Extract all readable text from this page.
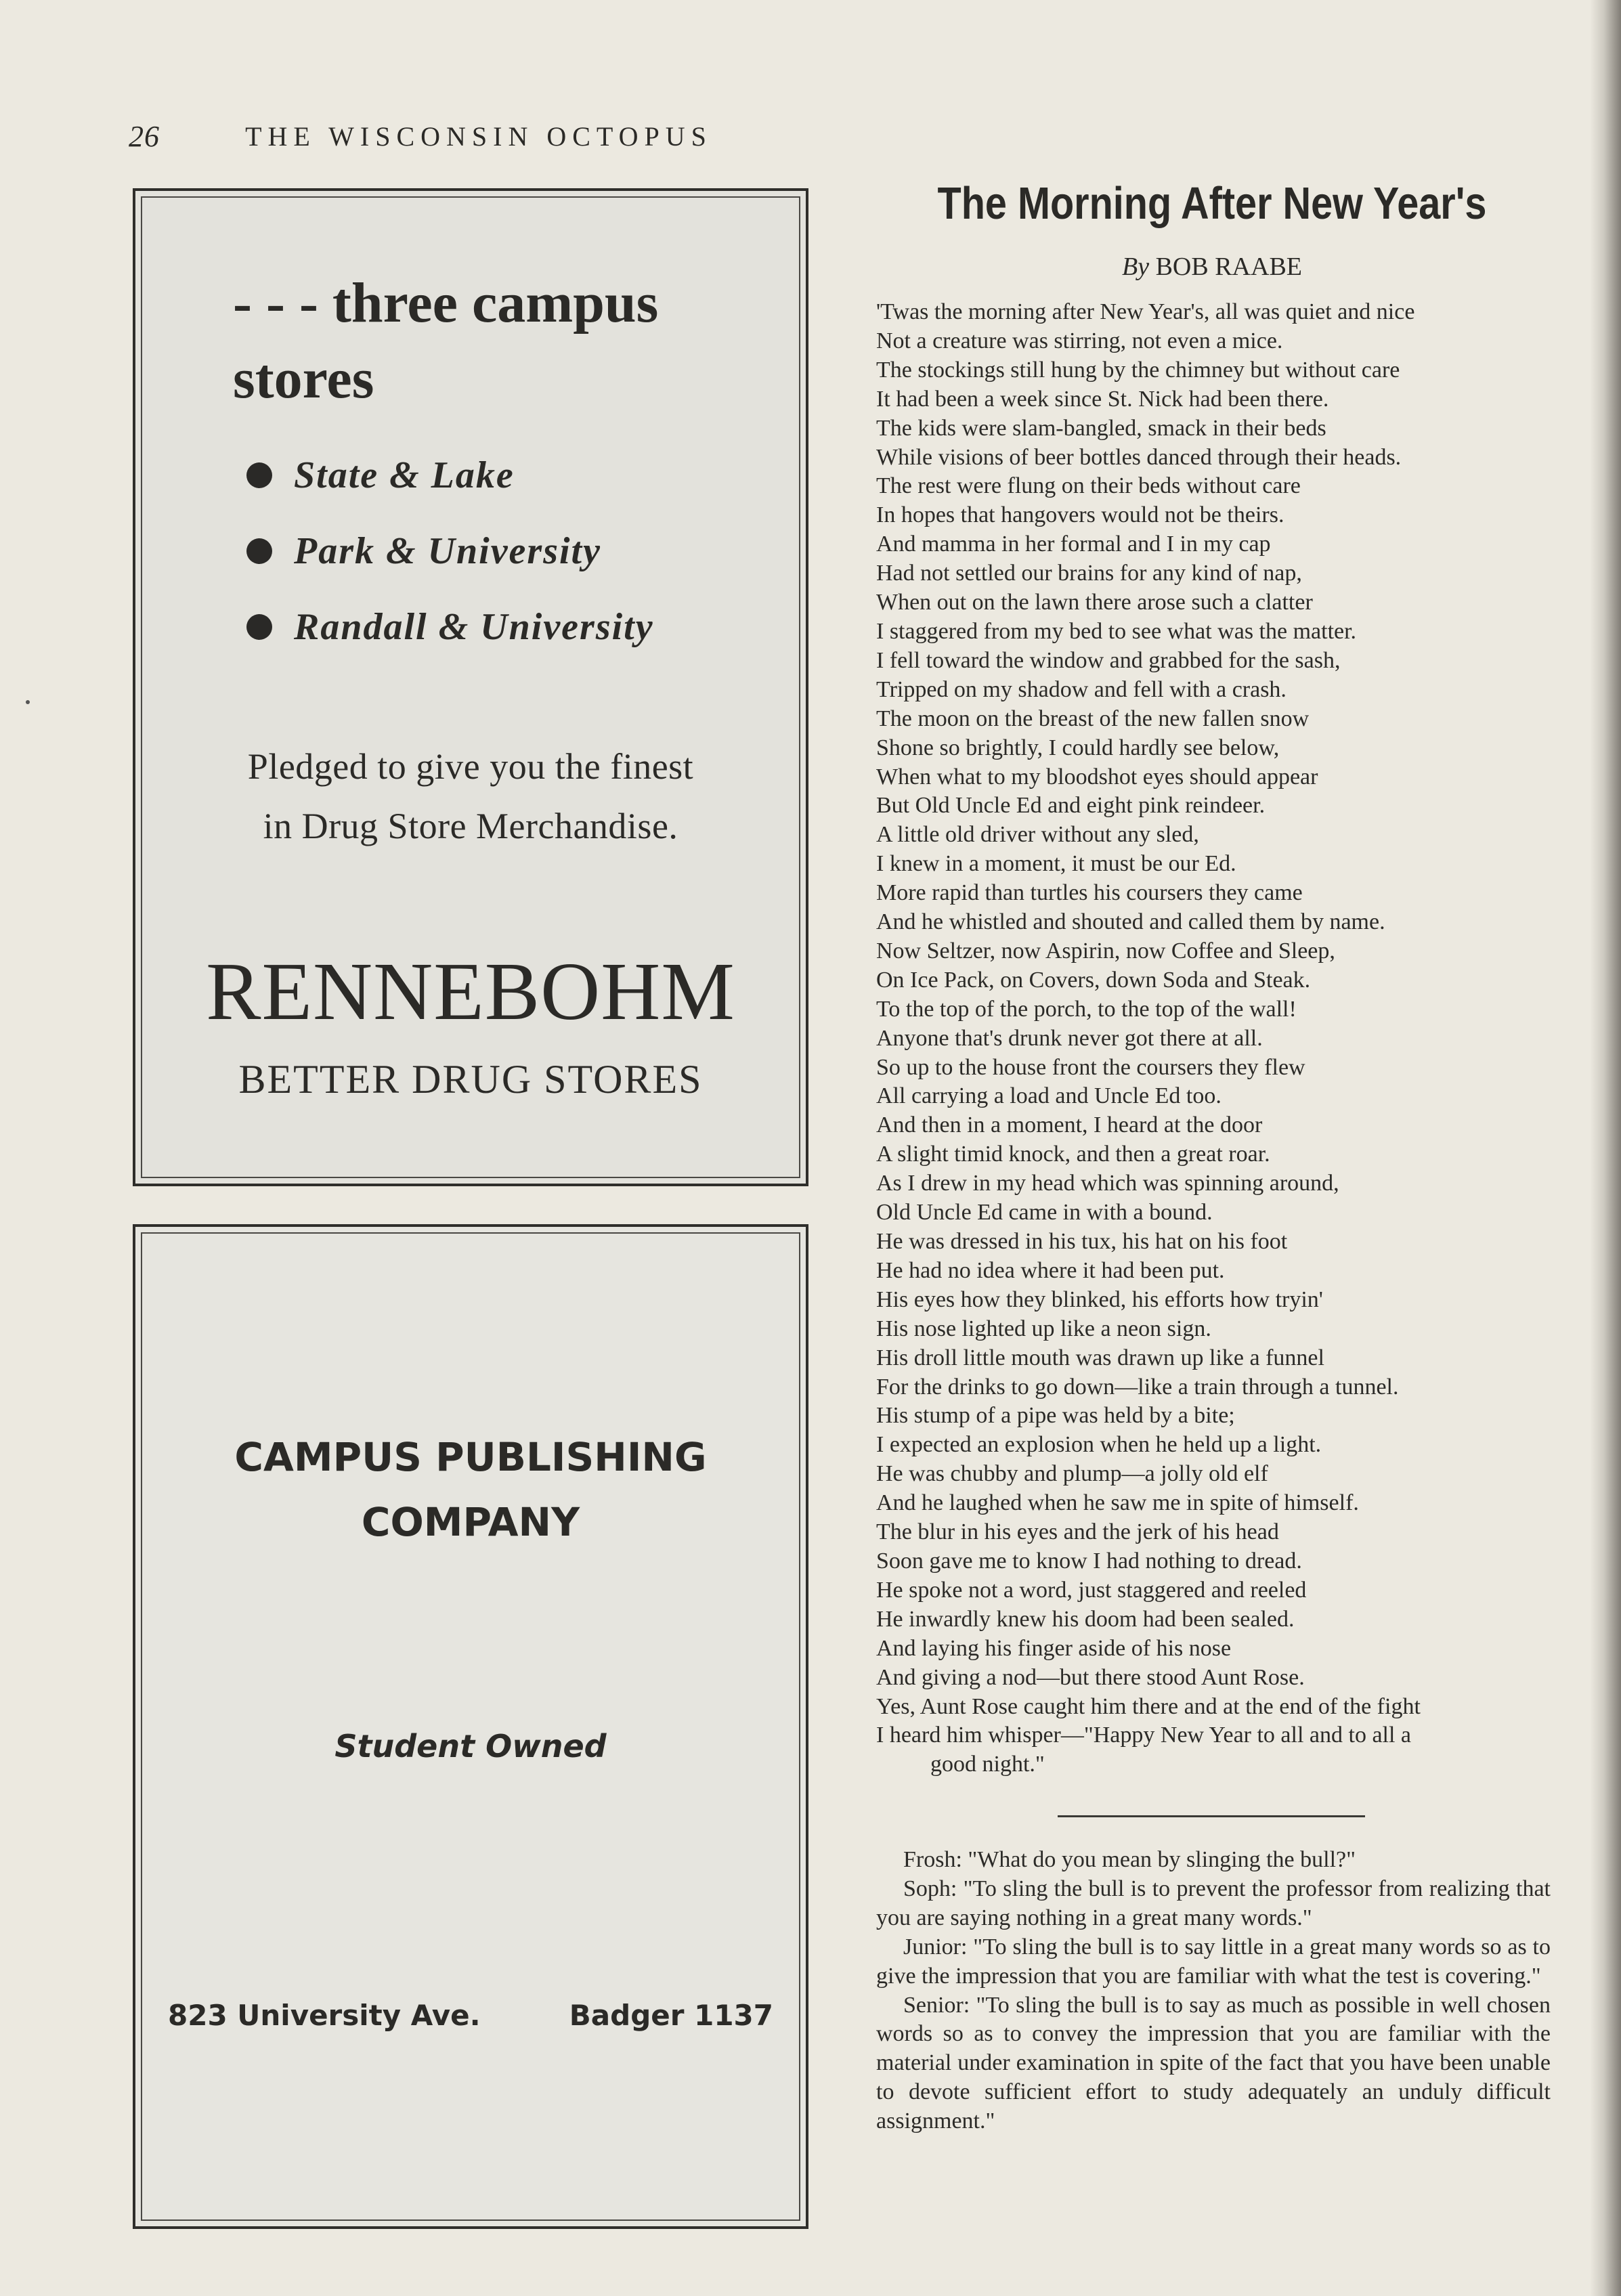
26	THE WISCONSIN OCTOPUS
- - - three campus stores
State & Lake
Park & University
Randall & University
Pledged to give you the finest
in Drug Store Merchandise.
RENNEBOHM
BETTER DRUG STORES
CAMPUS PUBLISHING
COMPANY
Student Owned
823 University Ave.	Badger 1137
The Morning After New Year's
By BOB RAABE
'Twas the morning after New Year's, all was quiet and nice
Not a creature was stirring, not even a mice.
The stockings still hung by the chimney but without care
It had been a week since St. Nick had been there.
The kids were slam-bangled, smack in their beds
While visions of beer bottles danced through their heads.
The rest were flung on their beds without care
In hopes that hangovers would not be theirs.
And mamma in her formal and I in my cap
Had not settled our brains for any kind of nap,
When out on the lawn there arose such a clatter
I staggered from my bed to see what was the matter.
I fell toward the window and grabbed for the sash,
Tripped on my shadow and fell with a crash.
The moon on the breast of the new fallen snow
Shone so brightly, I could hardly see below,
When what to my bloodshot eyes should appear
But Old Uncle Ed and eight pink reindeer.
A little old driver without any sled,
I knew in a moment, it must be our Ed.
More rapid than turtles his coursers they came
And he whistled and shouted and called them by name.
Now Seltzer, now Aspirin, now Coffee and Sleep,
On Ice Pack, on Covers, down Soda and Steak.
To the top of the porch, to the top of the wall!
Anyone that's drunk never got there at all.
So up to the house front the coursers they flew
All carrying a load and Uncle Ed too.
And then in a moment, I heard at the door
A slight timid knock, and then a great roar.
As I drew in my head which was spinning around,
Old Uncle Ed came in with a bound.
He was dressed in his tux, his hat on his foot
He had no idea where it had been put.
His eyes how they blinked, his efforts how tryin'
His nose lighted up like a neon sign.
His droll little mouth was drawn up like a funnel
For the drinks to go down—like a train through a tunnel.
His stump of a pipe was held by a bite;
I expected an explosion when he held up a light.
He was chubby and plump—a jolly old elf
And he laughed when he saw me in spite of himself.
The blur in his eyes and the jerk of his head
Soon gave me to know I had nothing to dread.
He spoke not a word, just staggered and reeled
He inwardly knew his doom had been sealed.
And laying his finger aside of his nose
And giving a nod—but there stood Aunt Rose.
Yes, Aunt Rose caught him there and at the end of the fight
I heard him whisper—"Happy New Year to all and to all a
good night."

Frosh: "What do you mean by slinging the bull?"

Soph: "To sling the bull is to prevent the professor from realizing that you are saying nothing in a great many words."

Junior: "To sling the bull is to say little in a great many words so as to give the impression that you are familiar with what the test is covering."

Senior: "To sling the bull is to say as much as possible in well chosen words so as to convey the impression that you are familiar with the material under examination in spite of the fact that you have been unable to devote sufficient effort to study adequately an unduly difficult assignment."
